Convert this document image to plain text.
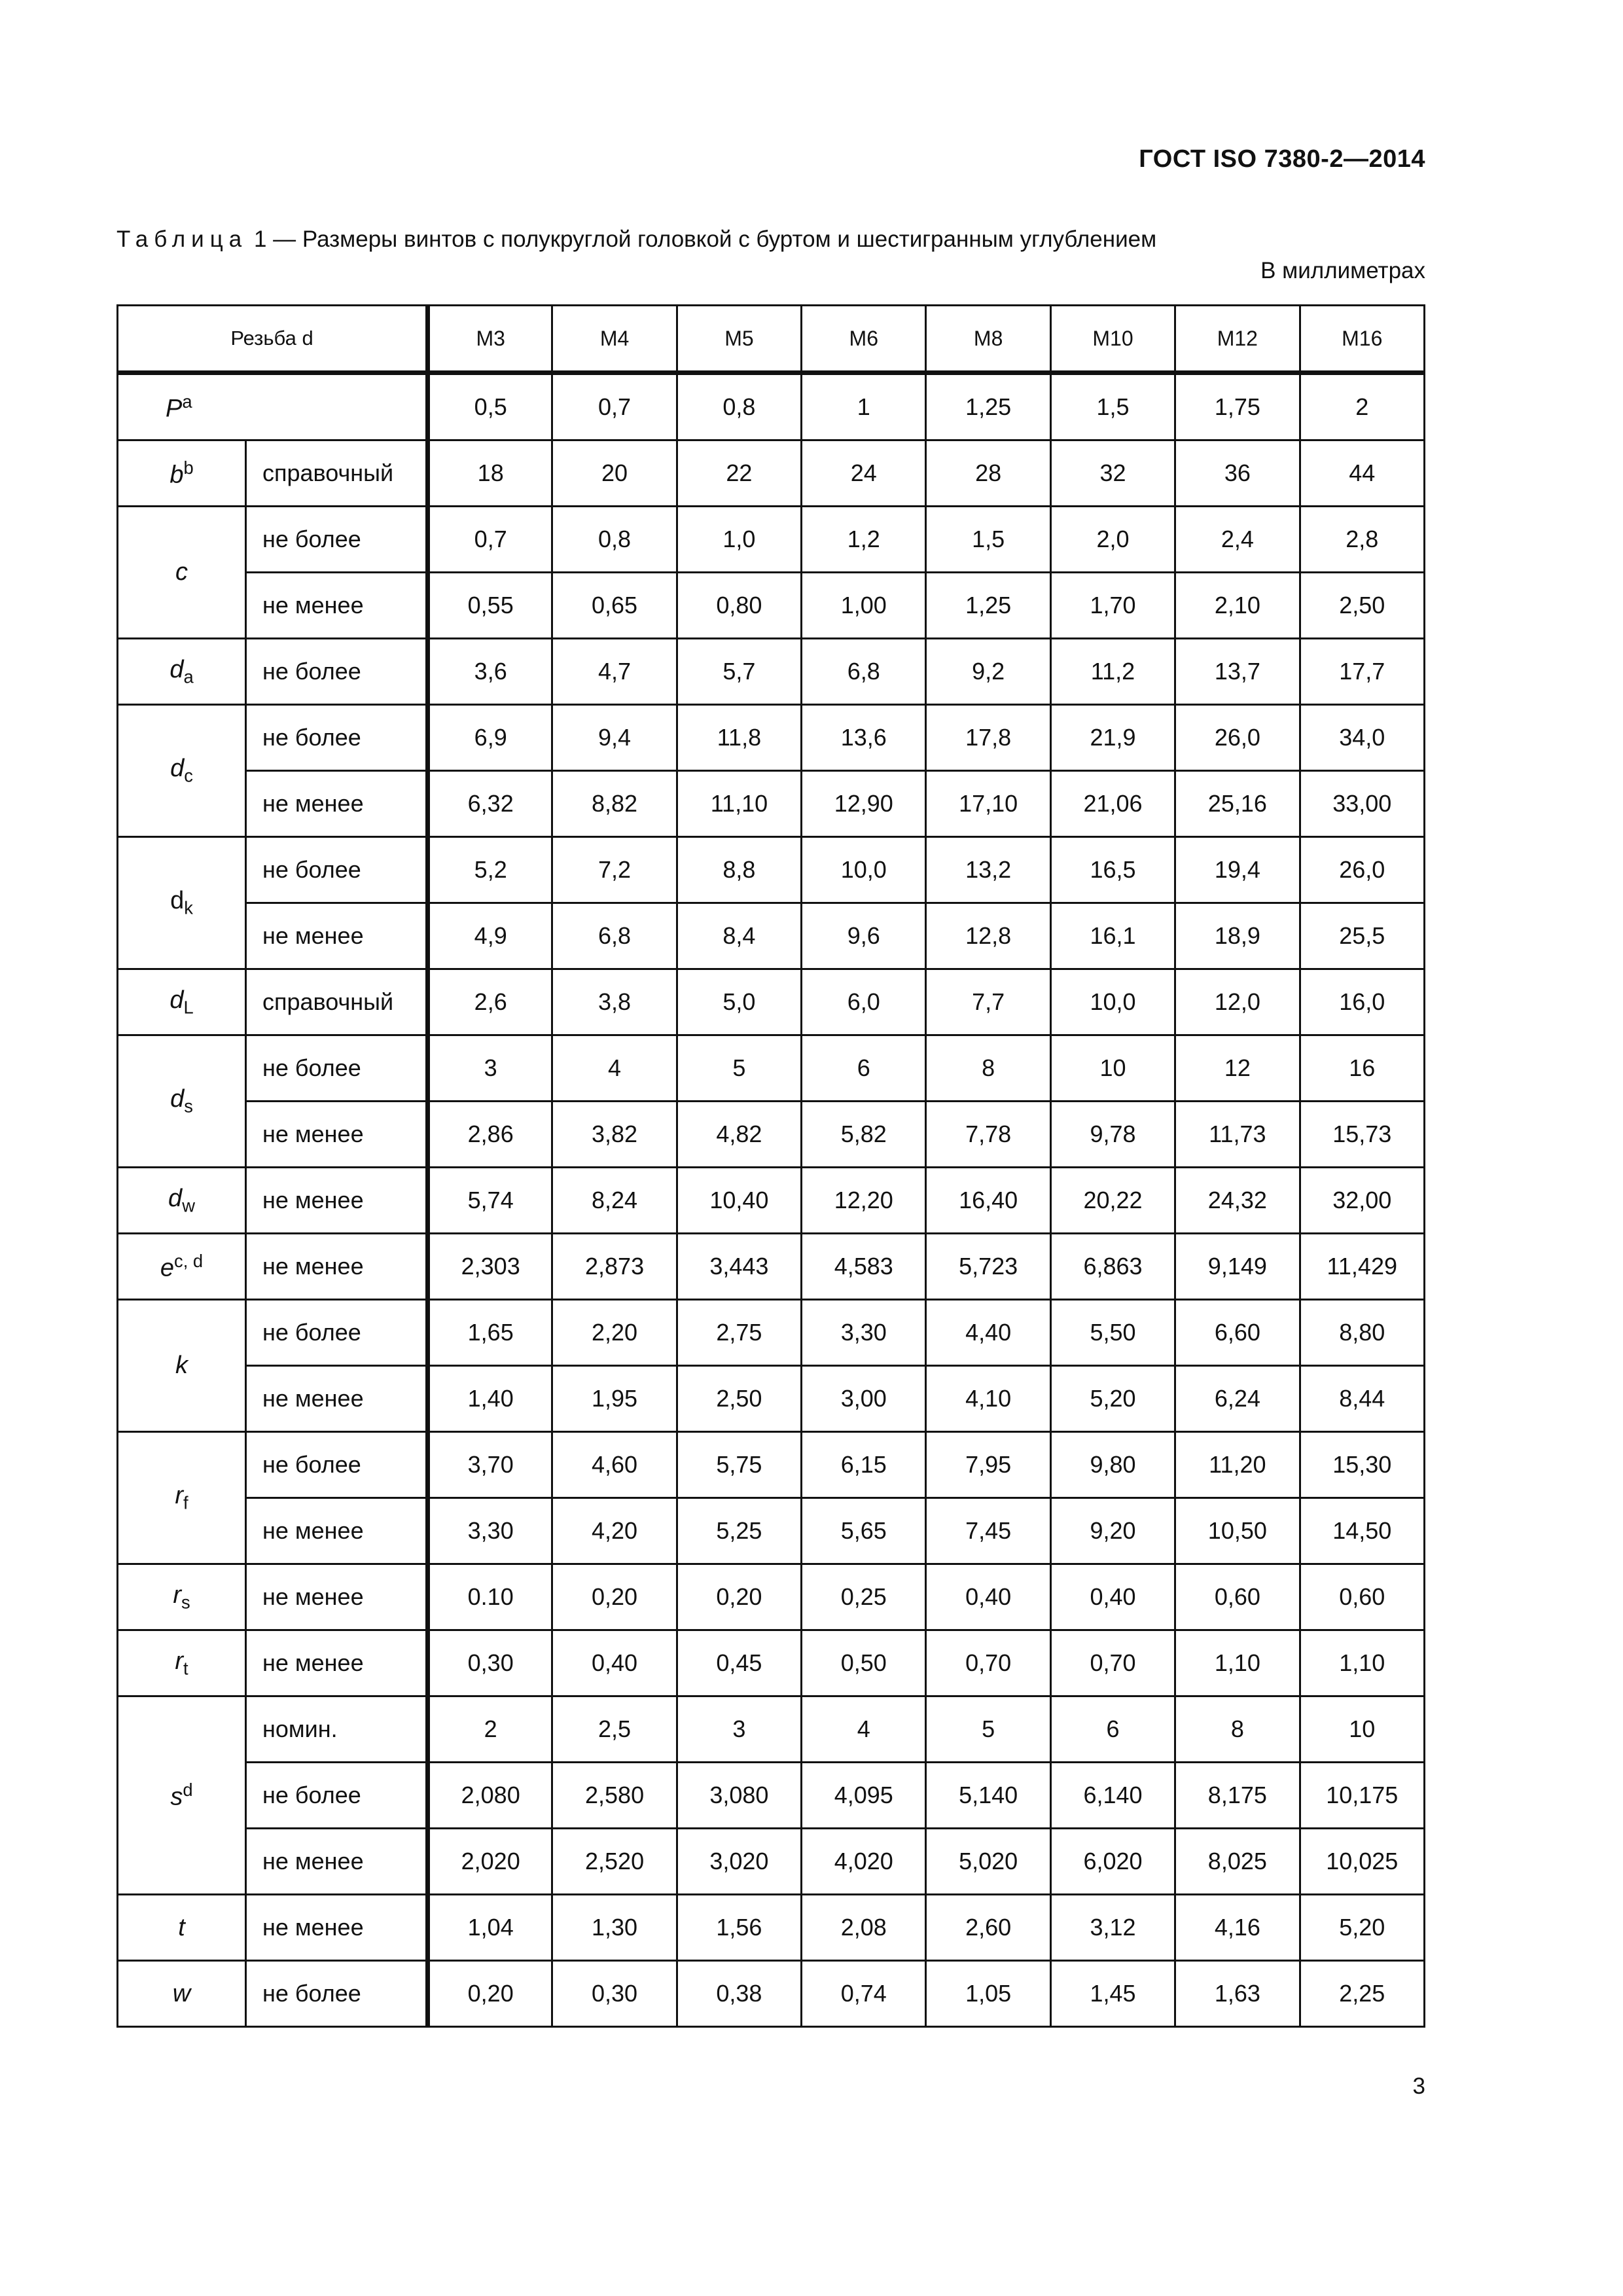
ГОСТ ISO 7380-2—2014
Таблица 1 — Размеры винтов с полукруглой головкой с буртом и шестигранным углублением
В миллиметрах
Резьба d		M3	M4	M5	M6	M8	M10	M12	M16
$P^a$		0,5	0,7	0,8	1	1,25	1,5	1,75	2
$b^b$	справочный	18	20	22	24	28	32	36	44
c	не более	0,7	0,8	1,0	1,2	1,5	2,0	2,4	2,8
	не менее	0,55	0,65	0,80	1,00	1,25	1,70	2,10	2,50
$d_a$	не более	3,6	4,7	5,7	6,8	9,2	11,2	13,7	17,7
$d_c$	не более	6,9	9,4	11,8	13,6	17,8	21,9	26,0	34,0
	не менее	6,32	8,82	11,10	12,90	17,10	21,06	25,16	33,00
$d_k$	не более	5,2	7,2	8,8	10,0	13,2	16,5	19,4	26,0
	не менее	4,9	6,8	8,4	9,6	12,8	16,1	18,9	25,5
$d_L$	справочный	2,6	3,8	5,0	6,0	7,7	10,0	12,0	16,0
$d_s$	не более	3	4	5	6	8	10	12	16
	не менее	2,86	3,82	4,82	5,82	7,78	9,78	11,73	15,73
$d_w$	не менее	5,74	8,24	10,40	12,20	16,40	20,22	24,32	32,00
$e^{c, d}$	не менее	2,303	2,873	3,443	4,583	5,723	6,863	9,149	11,429
k	не более	1,65	2,20	2,75	3,30	4,40	5,50	6,60	8,80
	не менее	1,40	1,95	2,50	3,00	4,10	5,20	6,24	8,44
$r_f$	не более	3,70	4,60	5,75	6,15	7,95	9,80	11,20	15,30
	не менее	3,30	4,20	5,25	5,65	7,45	9,20	10,50	14,50
$r_s$	не менее	0.10	0,20	0,20	0,25	0,40	0,40	0,60	0,60
$r_t$	не менее	0,30	0,40	0,45	0,50	0,70	0,70	1,10	1,10
$s^d$	номин.	2	2,5	3	4	5	6	8	10
	не более	2,080	2,580	3,080	4,095	5,140	6,140	8,175	10,175
	не менее	2,020	2,520	3,020	4,020	5,020	6,020	8,025	10,025
t	не менее	1,04	1,30	1,56	2,08	2,60	3,12	4,16	5,20
w	не более	0,20	0,30	0,38	0,74	1,05	1,45	1,63	2,25
3
